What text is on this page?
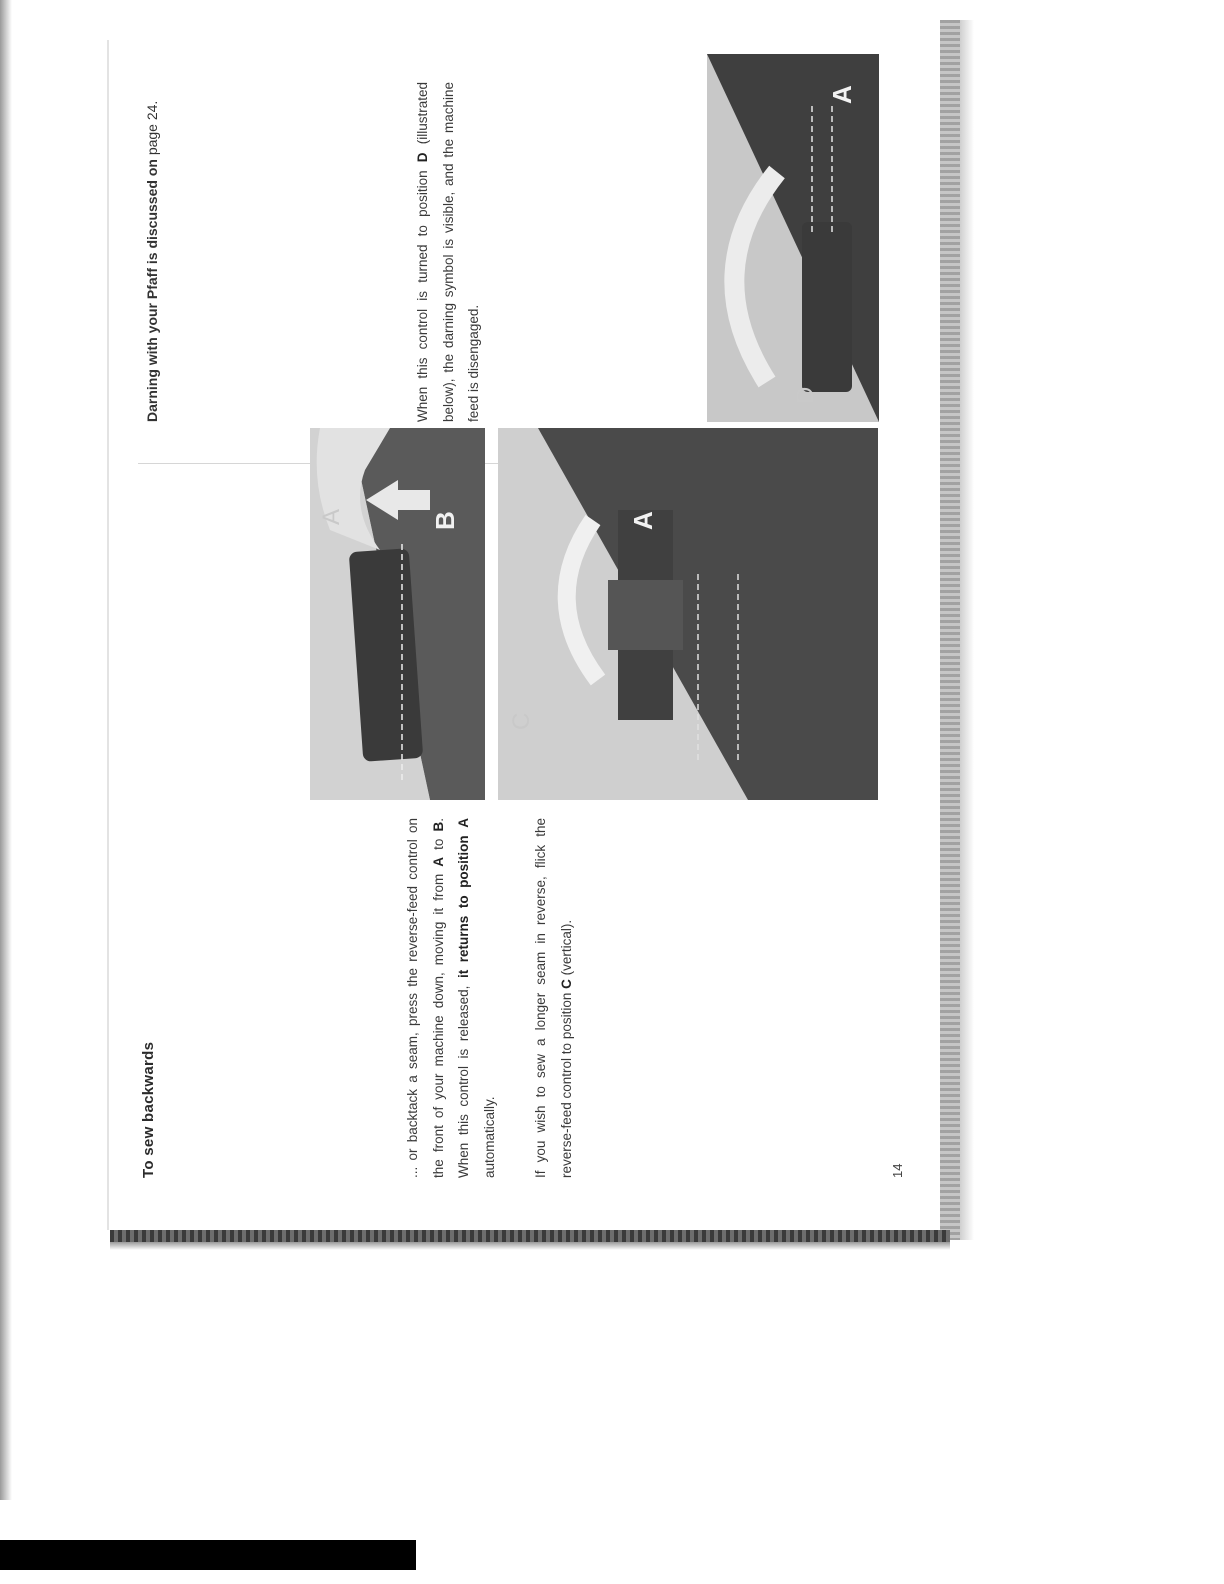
To sew backwards	... or backtack a seam, press the reverse-feed control on the front of your machine down, moving it from A to B. When this control is released, it returns to position A automatically.	If you wish to sew a longer seam in reverse, flick the reverse-feed control to position C (vertical).

14

Darning with your Pfaff is discussed on page 24.

When this control is turned to position D (illustrated below), the darning symbol is visible, and the machine feed is disengaged.

A	B
C
A
D
A
